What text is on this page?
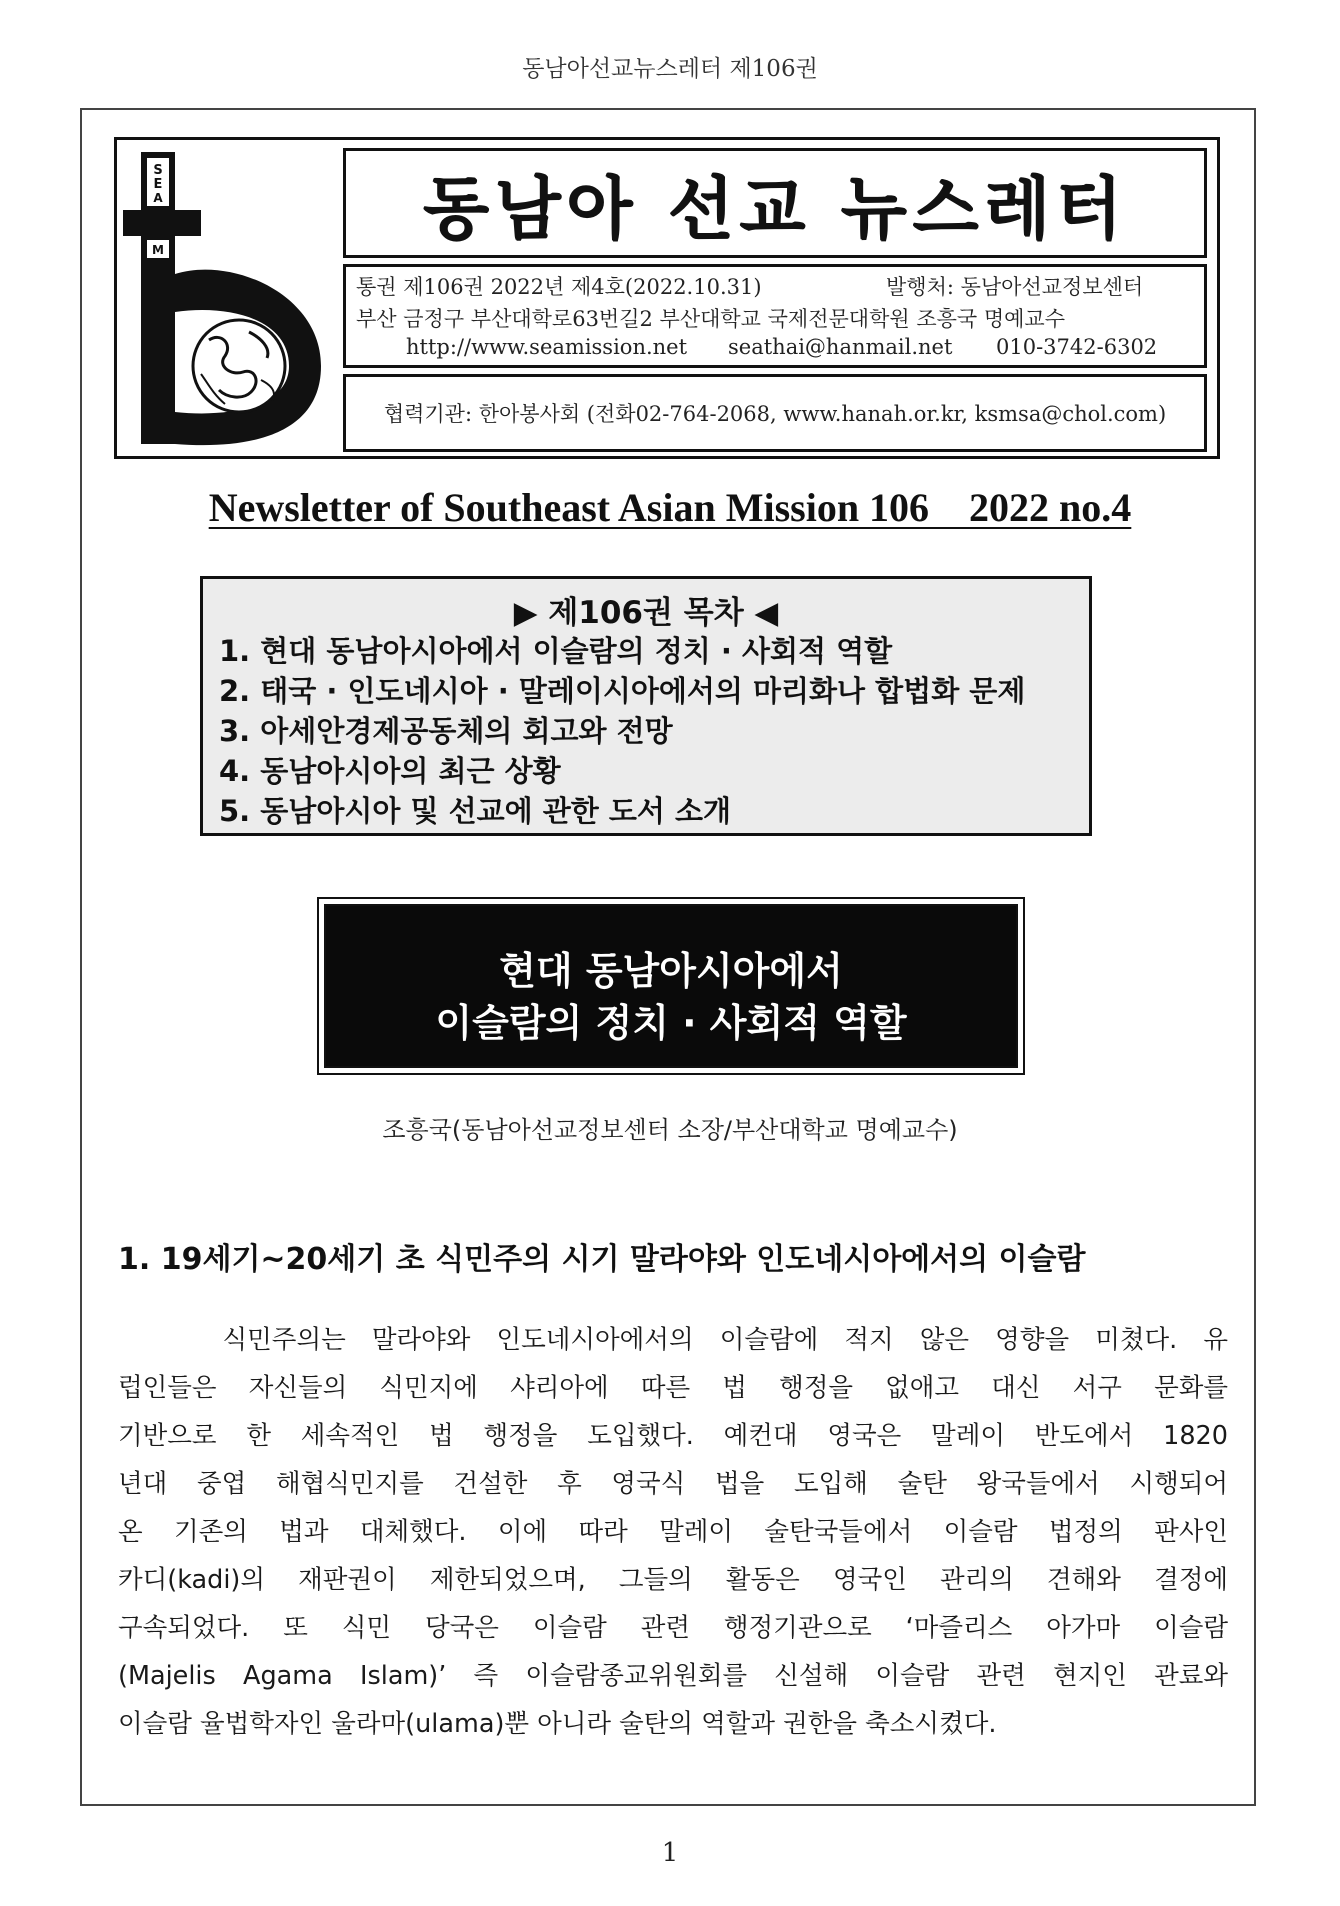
동남아선교뉴스레터 제106권
S
E
A
M
동남아 선교 뉴스레터
통권 제106권 2022년 제4호(2022.10.31)	발행처: 동남아선교정보센터
부산 금정구 부산대학로63번길2 부산대학교 국제전문대학원 조흥국 명예교수
http://www.seamission.net seathai@hanmail.net 010-3742-6302
협력기관: 한아봉사회 (전화02-764-2068, www.hanah.or.kr, ksmsa@chol.com)
Newsletter of Southeast Asian Mission 106    2022 no.4
▶ 제106권 목차 ◀
1. 현대 동남아시아에서 이슬람의 정치 · 사회적 역할
2. 태국 · 인도네시아 · 말레이시아에서의 마리화나 합법화 문제
3. 아세안경제공동체의 회고와 전망
4. 동남아시아의 최근 상황
5. 동남아시아 및 선교에 관한 도서 소개
현대 동남아시아에서
이슬람의 정치 · 사회적 역할
조흥국(동남아선교정보센터 소장/부산대학교 명예교수)
1. 19세기~20세기 초 식민주의 시기 말라야와 인도네시아에서의 이슬람
식민주의는 말라야와 인도네시아에서의 이슬람에 적지 않은 영향을 미쳤다. 유
럽인들은 자신들의 식민지에 샤리아에 따른 법 행정을 없애고 대신 서구 문화를
기반으로 한 세속적인 법 행정을 도입했다. 예컨대 영국은 말레이 반도에서 1820
년대 중엽 해협식민지를 건설한 후 영국식 법을 도입해 술탄 왕국들에서 시행되어
온 기존의 법과 대체했다. 이에 따라 말레이 술탄국들에서 이슬람 법정의 판사인
카디(kadi)의 재판권이 제한되었으며, 그들의 활동은 영국인 관리의 견해와 결정에
구속되었다. 또 식민 당국은 이슬람 관련 행정기관으로 ‘마즐리스 아가마 이슬람
(Majelis Agama Islam)’ 즉 이슬람종교위원회를 신설해 이슬람 관련 현지인 관료와
이슬람 율법학자인 울라마(ulama)뿐 아니라 술탄의 역할과 권한을 축소시켰다.
1
